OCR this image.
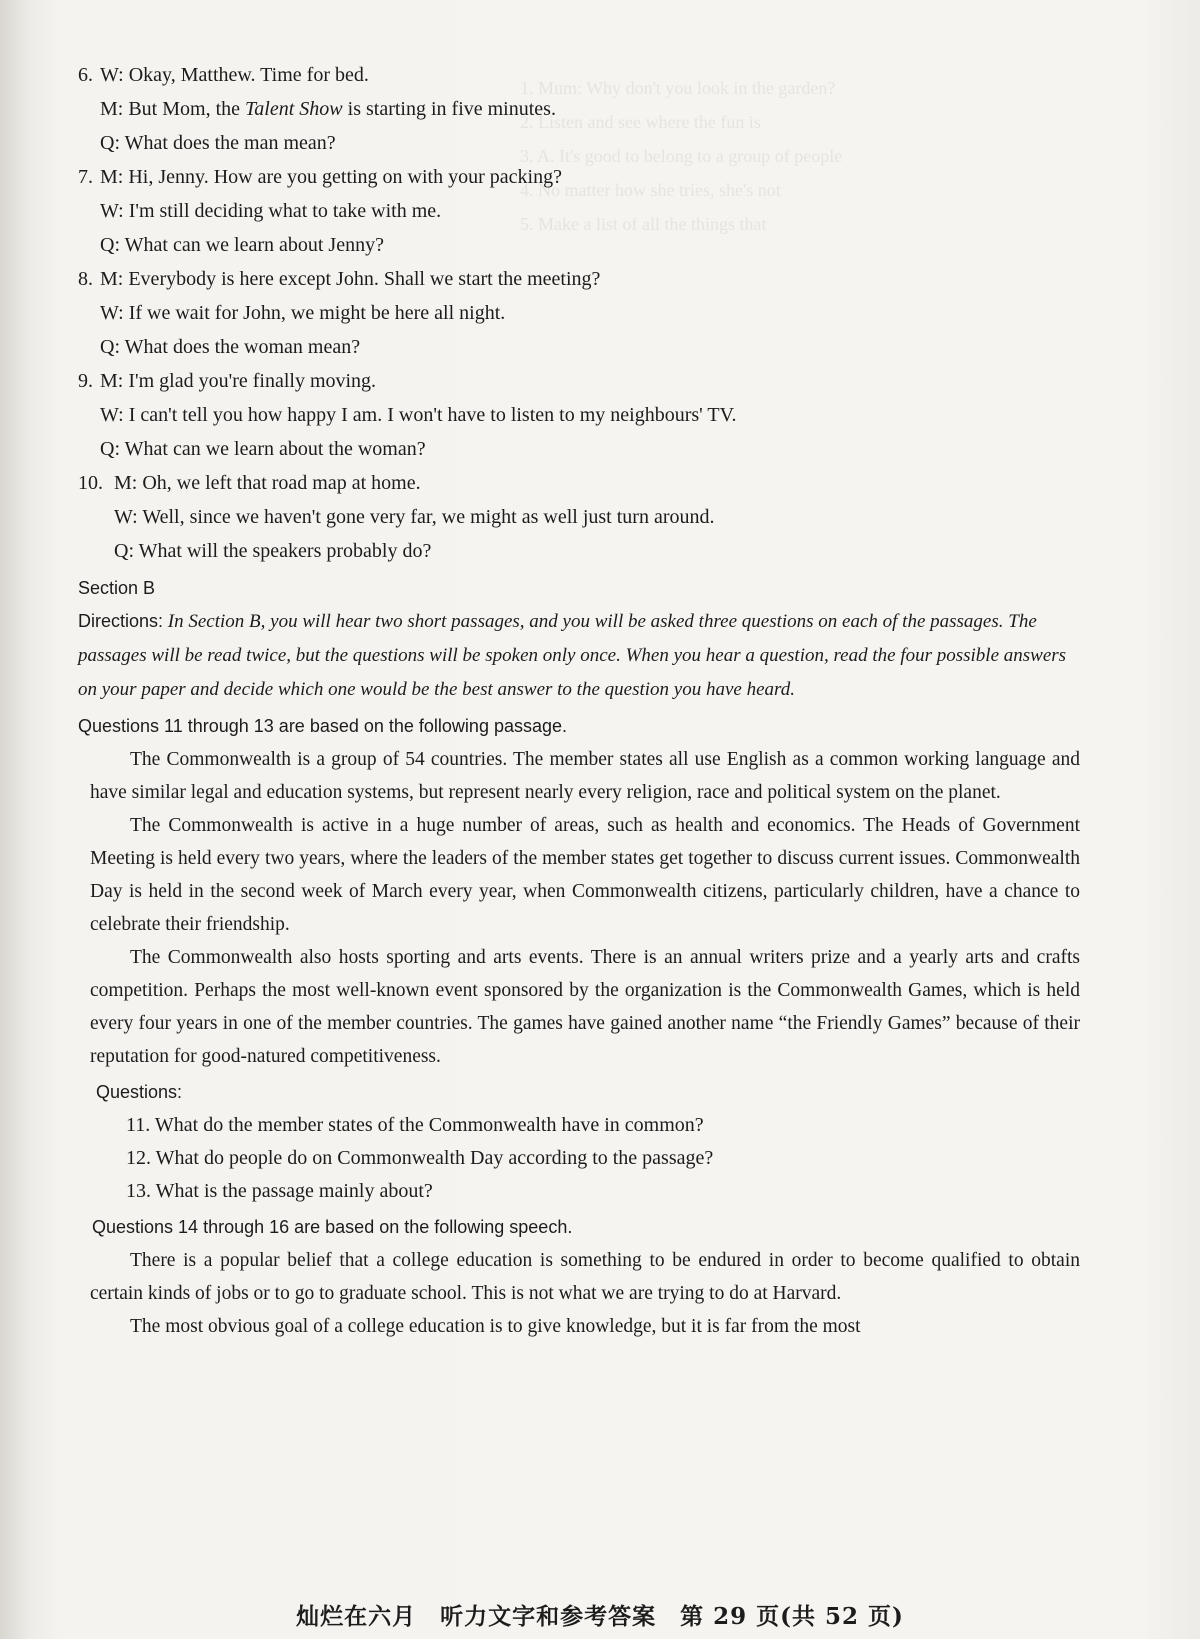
1. Mum: Why don't you look in the garden?
2. Listen and see where the fun is
3. A. It's good to belong to a group of people
4. No matter how she tries, she's not
5. Make a list of all the things that
6. W: Okay, Matthew. Time for bed.
M: But Mom, the Talent Show is starting in five minutes.
Q: What does the man mean?
7. M: Hi, Jenny. How are you getting on with your packing?
W: I'm still deciding what to take with me.
Q: What can we learn about Jenny?
8. M: Everybody is here except John. Shall we start the meeting?
W: If we wait for John, we might be here all night.
Q: What does the woman mean?
9. M: I'm glad you're finally moving.
W: I can't tell you how happy I am. I won't have to listen to my neighbours' TV.
Q: What can we learn about the woman?
10. M: Oh, we left that road map at home.
W: Well, since we haven't gone very far, we might as well just turn around.
Q: What will the speakers probably do?
Section B
Directions: In Section B, you will hear two short passages, and you will be asked three questions on each of the passages. The passages will be read twice, but the questions will be spoken only once. When you hear a question, read the four possible answers on your paper and decide which one would be the best answer to the question you have heard.
Questions 11 through 13 are based on the following passage.

The Commonwealth is a group of 54 countries. The member states all use English as a common working language and have similar legal and education systems, but represent nearly every religion, race and political system on the planet.

The Commonwealth is active in a huge number of areas, such as health and economics. The Heads of Government Meeting is held every two years, where the leaders of the member states get together to discuss current issues. Commonwealth Day is held in the second week of March every year, when Commonwealth citizens, particularly children, have a chance to celebrate their friendship.

The Commonwealth also hosts sporting and arts events. There is an annual writers prize and a yearly arts and crafts competition. Perhaps the most well-known event sponsored by the organization is the Commonwealth Games, which is held every four years in one of the member countries. The games have gained another name “the Friendly Games” because of their reputation for good-natured competitiveness.

Questions:
11. What do the member states of the Commonwealth have in common?
12. What do people do on Commonwealth Day according to the passage?
13. What is the passage mainly about?
Questions 14 through 16 are based on the following speech.

There is a popular belief that a college education is something to be endured in order to become qualified to obtain certain kinds of jobs or to go to graduate school. This is not what we are trying to do at Harvard.

The most obvious goal of a college education is to give knowledge, but it is far from the most

灿烂在六月　听力文字和参考答案　第 29 页(共 52 页)
